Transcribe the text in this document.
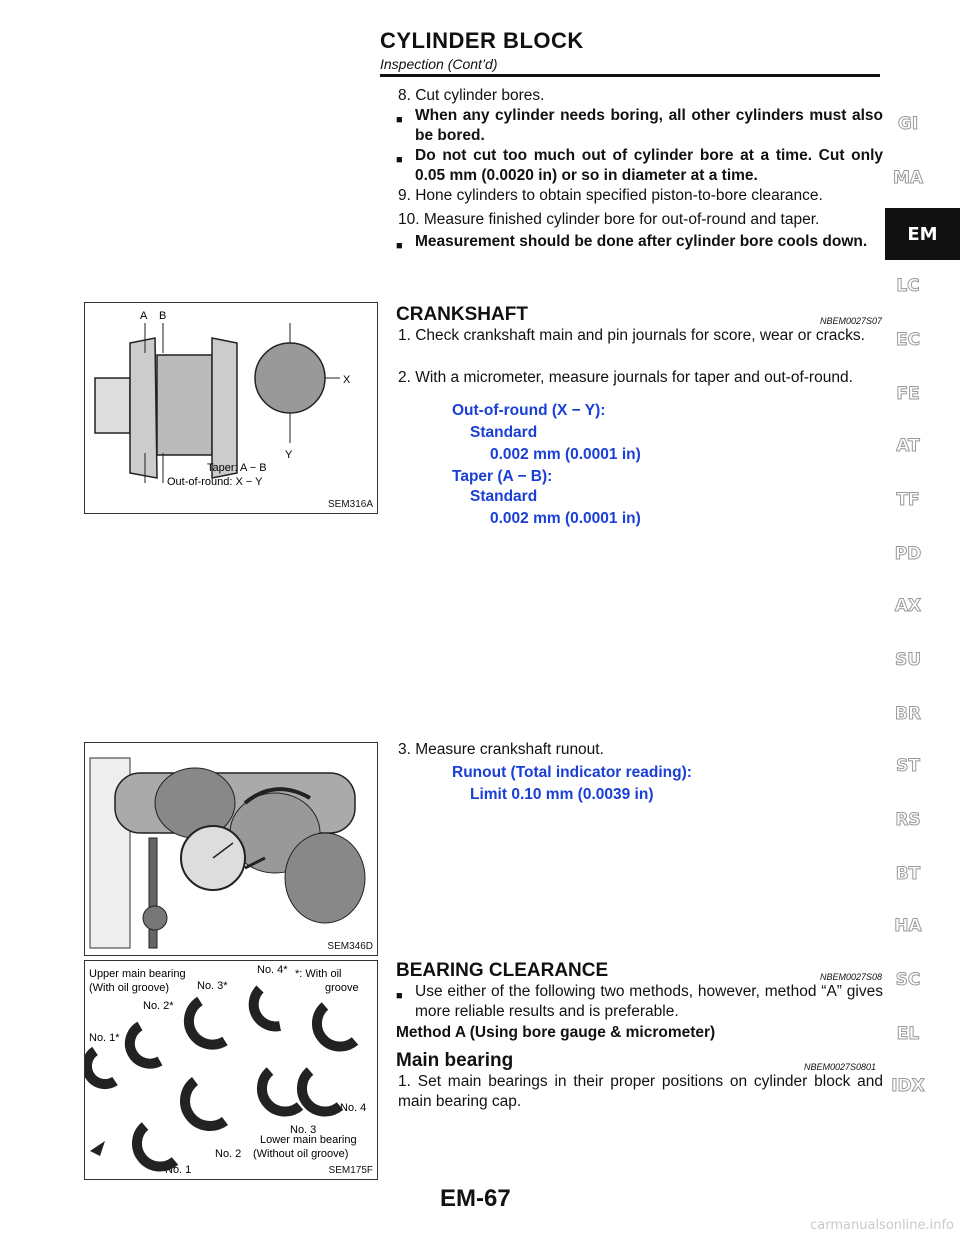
CYLINDER BLOCK
Inspection (Cont’d)
8. Cut cylinder bores.
■ When any cylinder needs boring, all other cylinders must also be bored.
■ Do not cut too much out of cylinder bore at a time. Cut only 0.05 mm (0.0020 in) or so in diameter at a time.
9. Hone cylinders to obtain specified piston-to-bore clearance.
10. Measure finished cylinder bore for out-of-round and taper.
■ Measurement should be done after cylinder bore cools down.
A B
X
Y
Taper: A − B
Out-of-round: X − Y
SEM316A
CRANKSHAFT	NBEM0027S07
1. Check crankshaft main and pin journals for score, wear or cracks.
2. With a micrometer, measure journals for taper and out-of-round.
Out-of-round (X − Y):
Standard
0.002 mm (0.0001 in)
Taper (A − B):
Standard
0.002 mm (0.0001 in)
SEM346D
3. Measure crankshaft runout.
Runout (Total indicator reading):
Limit 0.10 mm (0.0039 in)
Upper main bearing
(With oil groove)
No. 4*
No. 3*
*: With oil
groove
No. 2*
No. 1*
No. 4
No. 3
No. 2
No. 1
Lower main bearing
(Without oil groove)
SEM175F
BEARING CLEARANCE	NBEM0027S08
■ Use either of the following two methods, however, method “A” gives more reliable results and is preferable.
Method A (Using bore gauge & micrometer)
Main bearing	NBEM0027S0801
1. Set main bearings in their proper positions on cylinder block and main bearing cap.
GI
MA
EM
LC
EC
FE
AT
TF
PD
AX
SU
BR
ST
RS
BT
HA
SC
EL
IDX
EM-67
carmanualsonline.info
